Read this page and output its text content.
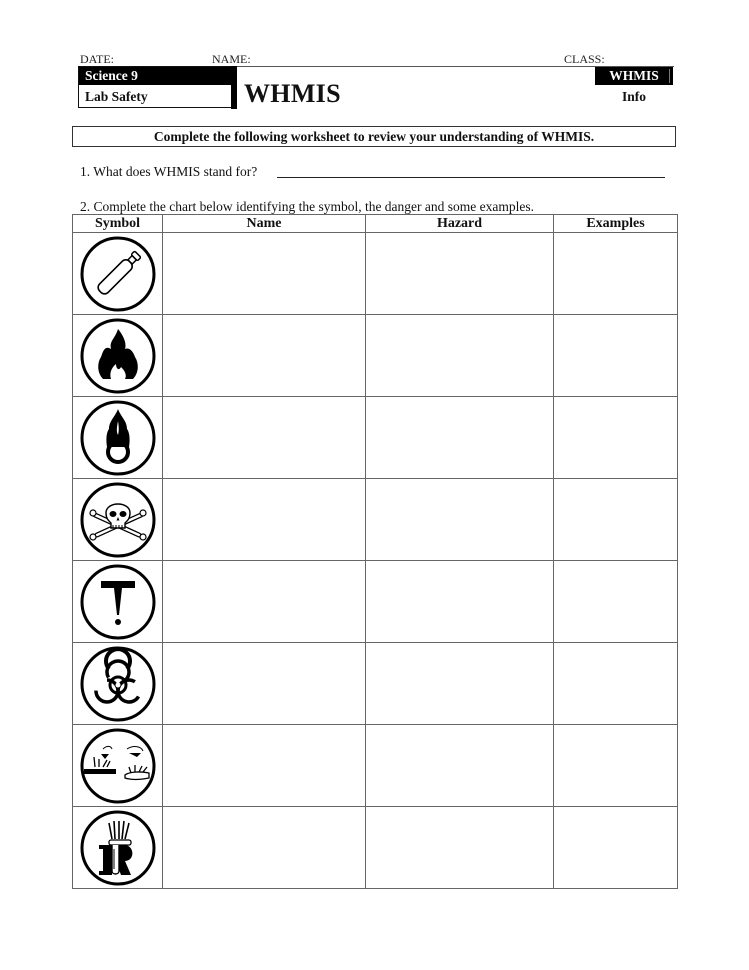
DATE:	NAME:	CLASS:
Science 9
Lab Safety	WHMIS
WHMIS
Info
Complete the following worksheet to review your understanding of WHMIS.
1. What does WHMIS stand for?
2. Complete the chart below identifying the symbol, the danger and some examples.
Symbol	Name	Hazard	Examples
